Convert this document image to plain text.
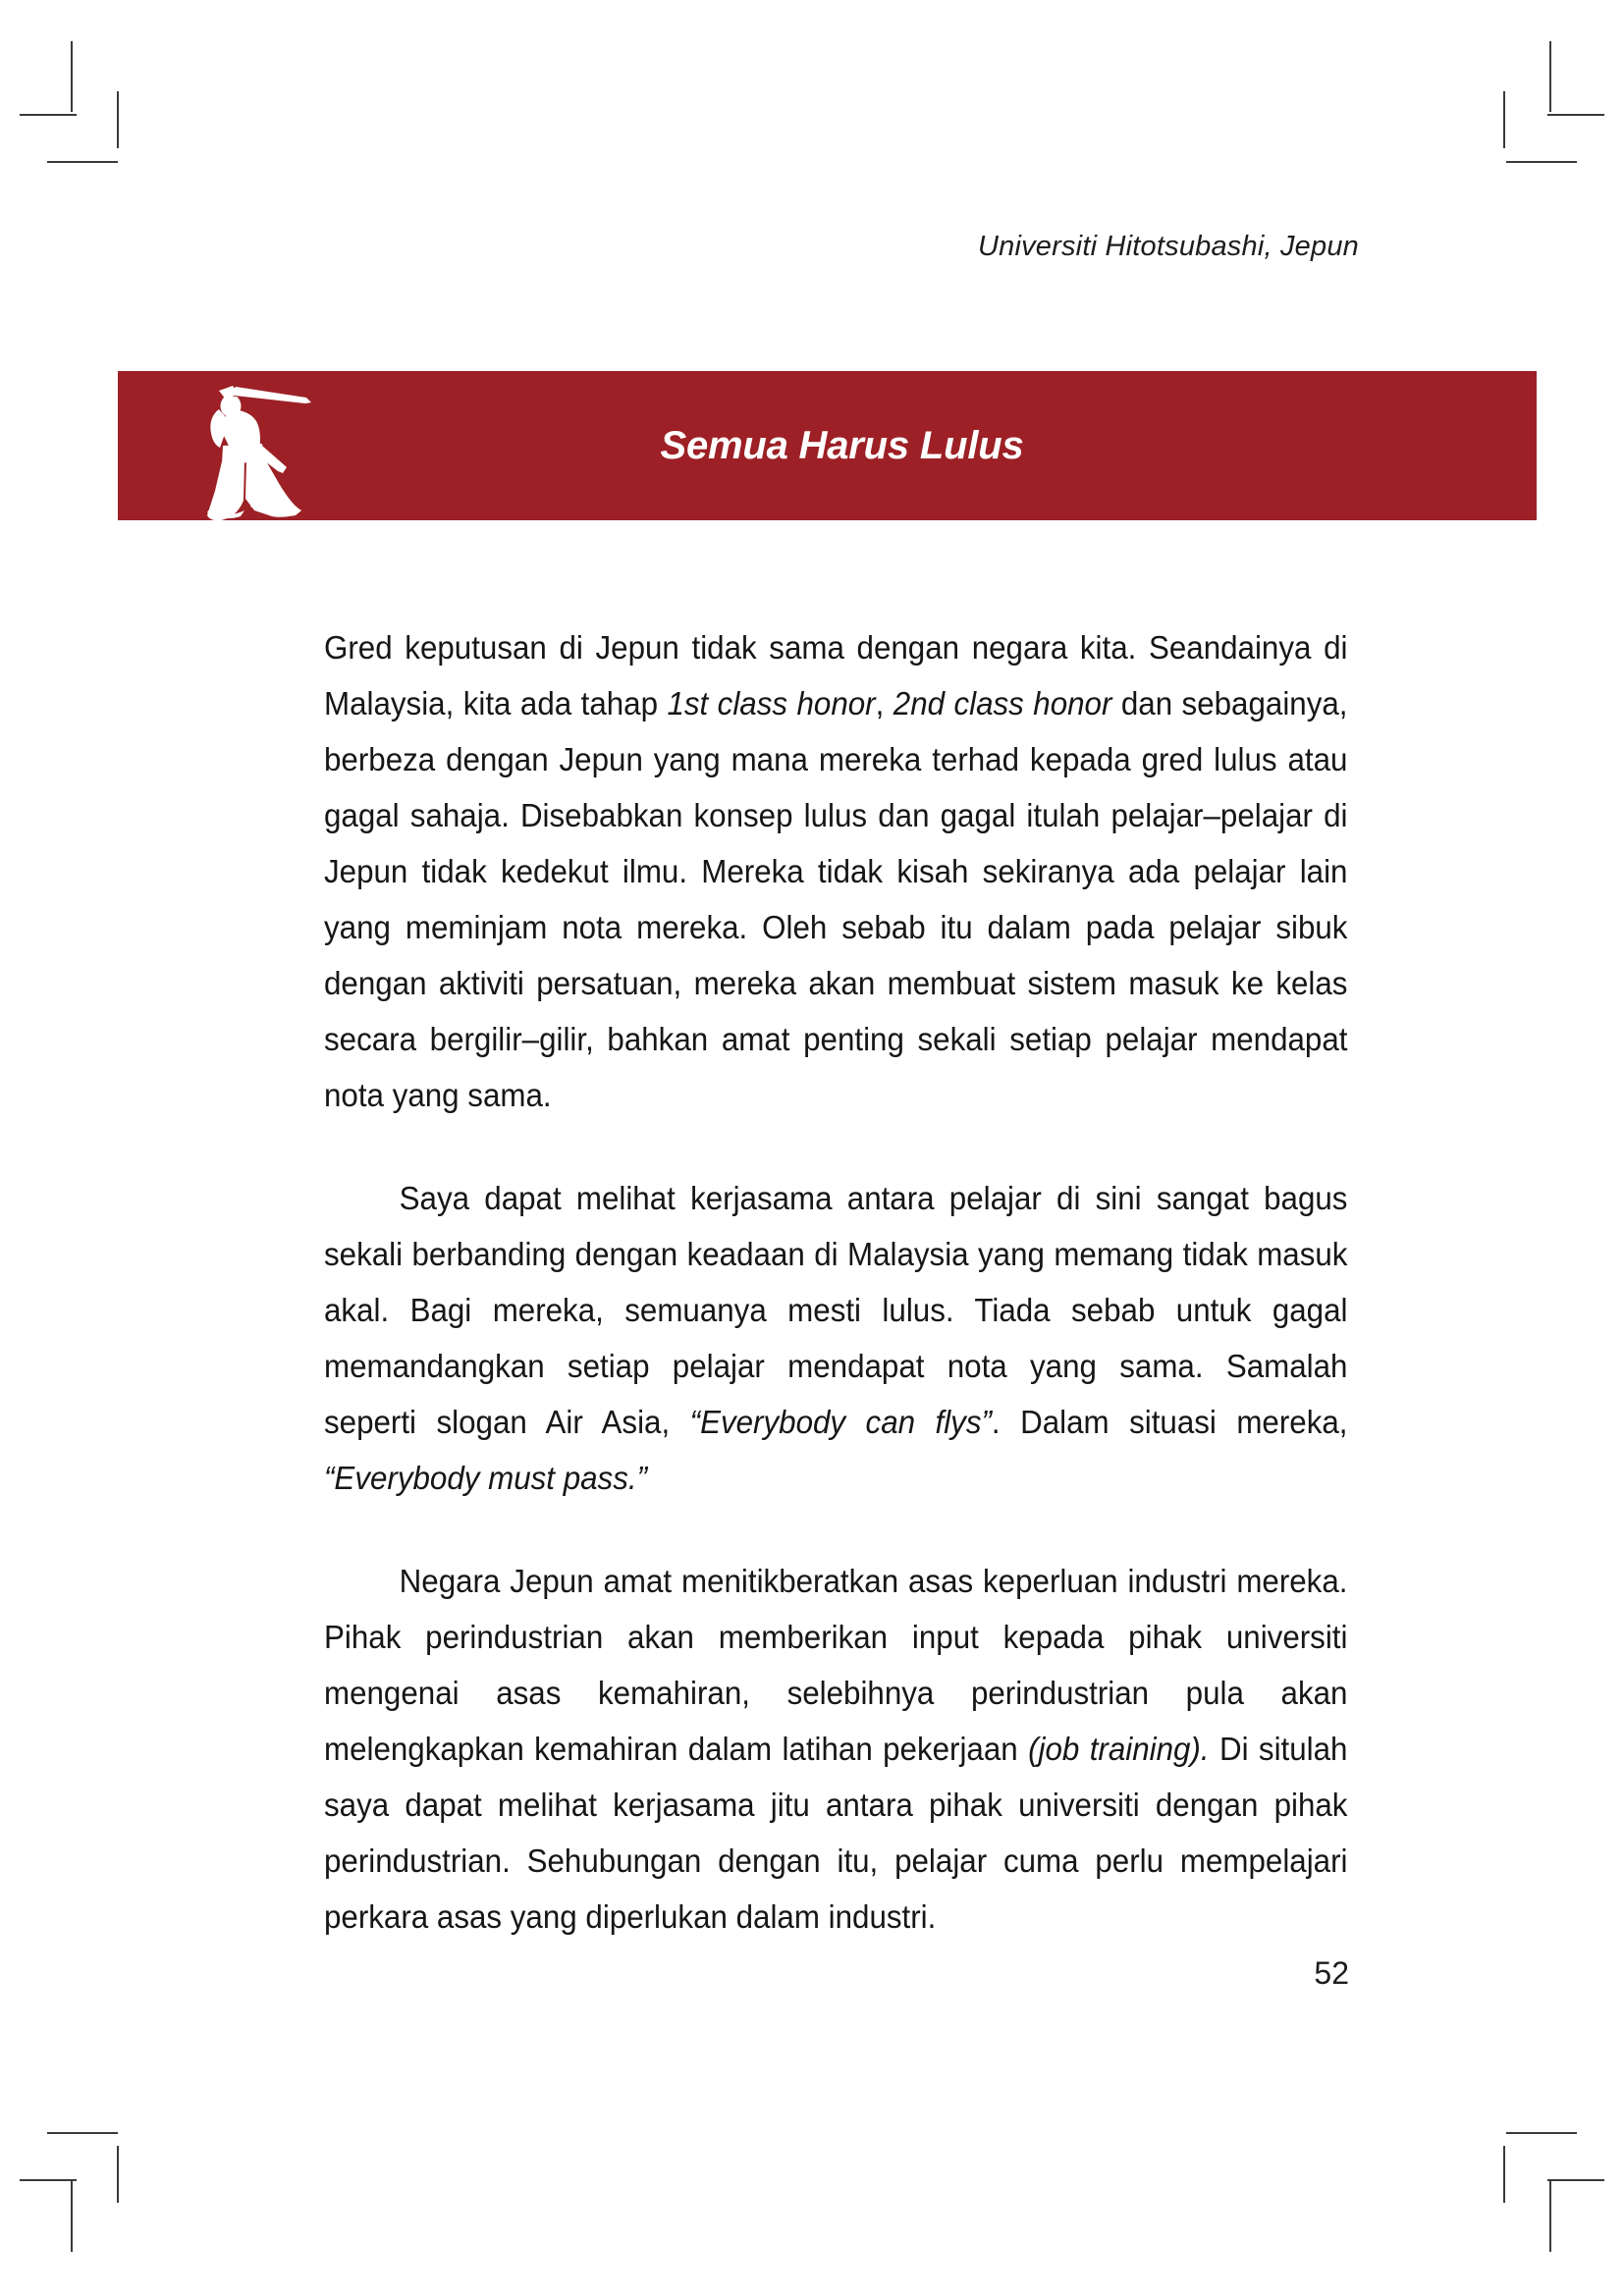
Universiti Hitotsubashi, Jepun
Semua Harus Lulus

Gred keputusan di Jepun tidak sama dengan negara kita. Seandainya di Malaysia, kita ada tahap 1st class honor, 2nd class honor dan sebagainya, berbeza dengan Jepun yang mana mereka terhad kepada gred lulus atau gagal sahaja. Disebabkan konsep lulus dan gagal itulah pelajar–pelajar di Jepun tidak kedekut ilmu. Mereka tidak kisah sekiranya ada pelajar lain yang meminjam nota mereka. Oleh sebab itu dalam pada pelajar sibuk dengan aktiviti persatuan, mereka akan membuat sistem masuk ke kelas secara bergilir–gilir, bahkan amat penting sekali setiap pelajar mendapat nota yang sama.

Saya dapat melihat kerjasama antara pelajar di sini sangat bagus sekali berbanding dengan keadaan di Malaysia yang memang tidak masuk akal. Bagi mereka, semuanya mesti lulus. Tiada sebab untuk gagal memandangkan setiap pelajar mendapat nota yang sama. Samalah seperti slogan Air Asia, “Everybody can flys”. Dalam situasi mereka, “Everybody must pass.”

Negara Jepun amat menitikberatkan asas keperluan industri mereka. Pihak perindustrian akan memberikan input kepada pihak universiti mengenai asas kemahiran, selebihnya perindustrian pula akan melengkapkan kemahiran dalam latihan pekerjaan (job training). Di situlah saya dapat melihat kerjasama jitu antara pihak universiti dengan pihak perindustrian. Sehubungan dengan itu, pelajar cuma perlu mempelajari perkara asas yang diperlukan dalam industri.

52
